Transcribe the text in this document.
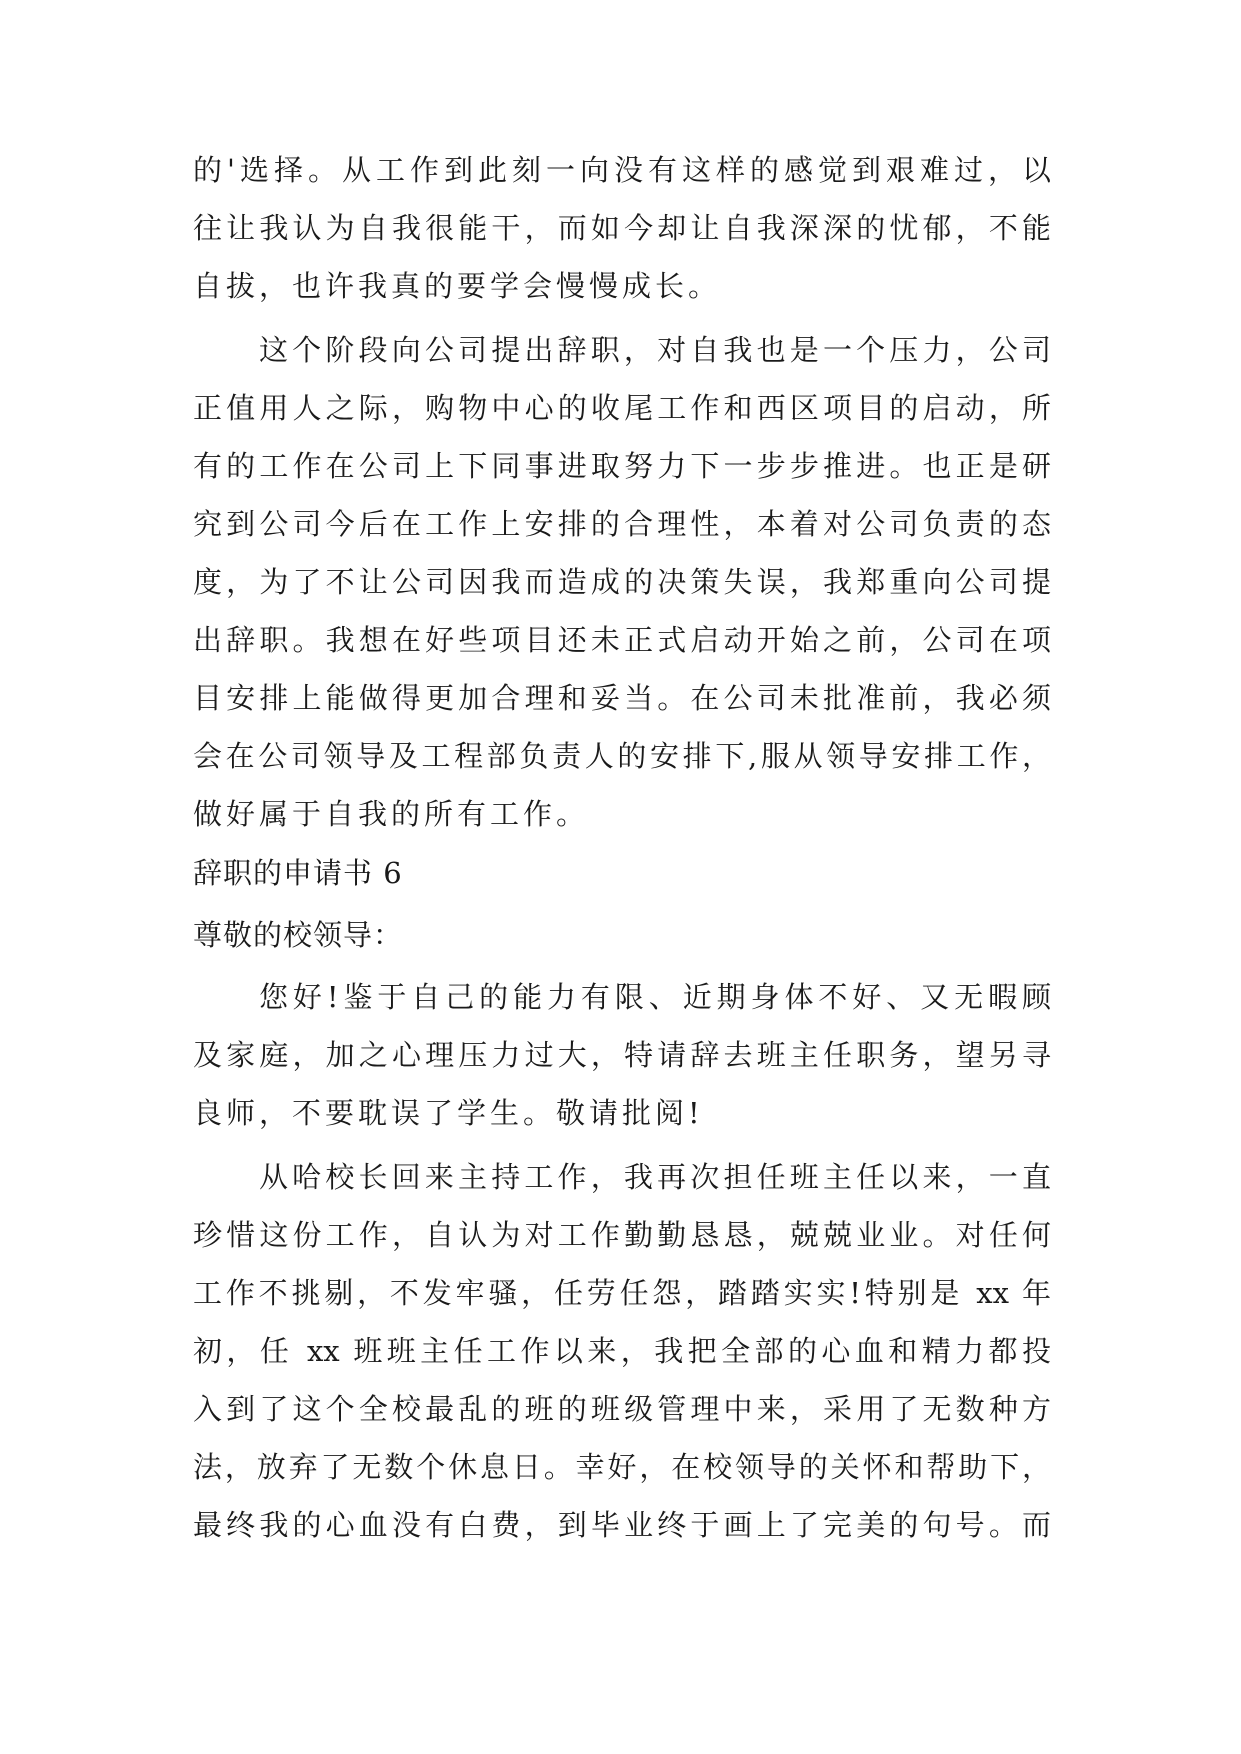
的'选择。从工作到此刻一向没有这样的感觉到艰难过，以
往让我认为自我很能干，而如今却让自我深深的忧郁，不能
自拔，也许我真的要学会慢慢成长。
这个阶段向公司提出辞职，对自我也是一个压力，公司
正值用人之际，购物中心的收尾工作和西区项目的启动，所
有的工作在公司上下同事进取努力下一步步推进。也正是研
究到公司今后在工作上安排的合理性，本着对公司负责的态
度，为了不让公司因我而造成的决策失误，我郑重向公司提
出辞职。我想在好些项目还未正式启动开始之前，公司在项
目安排上能做得更加合理和妥当。在公司未批准前，我必须
会在公司领导及工程部负责人的安排下,服从领导安排工作，
做好属于自我的所有工作。
辞职的申请书 6
尊敬的校领导：
您好!鉴于自己的能力有限、近期身体不好、又无暇顾
及家庭，加之心理压力过大，特请辞去班主任职务，望另寻
良师，不要耽误了学生。敬请批阅!
从哈校长回来主持工作，我再次担任班主任以来，一直
珍惜这份工作，自认为对工作勤勤恳恳，兢兢业业。对任何
工作不挑剔，不发牢骚，任劳任怨，踏踏实实!特别是 xx 年
初，任 xx 班班主任工作以来，我把全部的心血和精力都投
入到了这个全校最乱的班的班级管理中来，采用了无数种方
法，放弃了无数个休息日。幸好，在校领导的关怀和帮助下，
最终我的心血没有白费，到毕业终于画上了完美的句号。而
